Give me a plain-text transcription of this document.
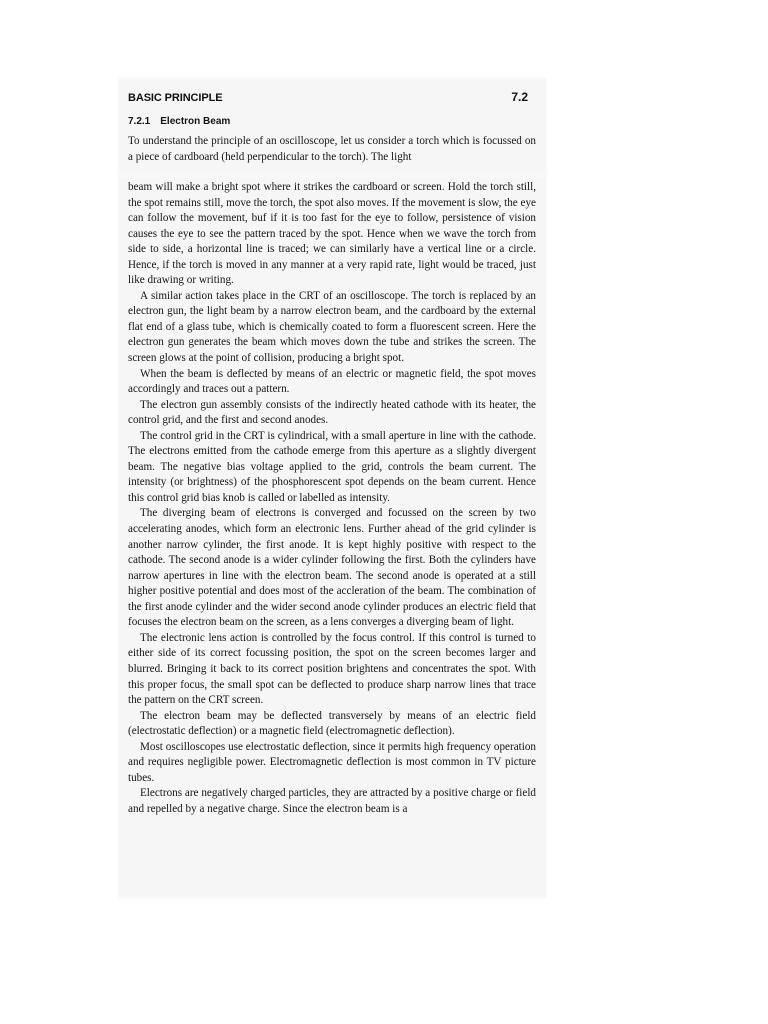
BASIC PRINCIPLE	7.2
7.2.1 Electron Beam

To understand the principle of an oscilloscope, let us consider a torch which is focussed on a piece of cardboard (held perpendicular to the torch). The light

beam will make a bright spot where it strikes the cardboard or screen. Hold the torch still, the spot remains still, move the torch, the spot also moves. If the movement is slow, the eye can follow the movement, buf if it is too fast for the eye to follow, persistence of vision causes the eye to see the pattern traced by the spot. Hence when we wave the torch from side to side, a horizontal line is traced; we can similarly have a vertical line or a circle. Hence, if the torch is moved in any manner at a very rapid rate, light would be traced, just like drawing or writing.

A similar action takes place in the CRT of an oscilloscope. The torch is replaced by an electron gun, the light beam by a narrow electron beam, and the cardboard by the external flat end of a glass tube, which is chemically coated to form a fluorescent screen. Here the electron gun generates the beam which moves down the tube and strikes the screen. The screen glows at the point of collision, producing a bright spot.

When the beam is deflected by means of an electric or magnetic field, the spot moves accordingly and traces out a pattern.

The electron gun assembly consists of the indirectly heated cathode with its heater, the control grid, and the first and second anodes.

The control grid in the CRT is cylindrical, with a small aperture in line with the cathode. The electrons emitted from the cathode emerge from this aperture as a slightly divergent beam. The negative bias voltage applied to the grid, controls the beam current. The intensity (or brightness) of the phosphorescent spot depends on the beam current. Hence this control grid bias knob is called or labelled as intensity.

The diverging beam of electrons is converged and focussed on the screen by two accelerating anodes, which form an electronic lens. Further ahead of the grid cylinder is another narrow cylinder, the first anode. It is kept highly positive with respect to the cathode. The second anode is a wider cylinder following the first. Both the cylinders have narrow apertures in line with the electron beam. The second anode is operated at a still higher positive potential and does most of the accleration of the beam. The combination of the first anode cylinder and the wider second anode cylinder produces an electric field that focuses the electron beam on the screen, as a lens converges a diverging beam of light.

The electronic lens action is controlled by the focus control. If this control is turned to either side of its correct focussing position, the spot on the screen becomes larger and blurred. Bringing it back to its correct position brightens and concentrates the spot. With this proper focus, the small spot can be deflected to produce sharp narrow lines that trace the pattern on the CRT screen.

The electron beam may be deflected transversely by means of an electric field (electrostatic deflection) or a magnetic field (electromagnetic deflection).

Most oscilloscopes use electrostatic deflection, since it permits high frequency operation and requires negligible power. Electromagnetic deflection is most common in TV picture tubes.

Electrons are negatively charged particles, they are attracted by a positive charge or field and repelled by a negative charge. Since the electron beam is a
